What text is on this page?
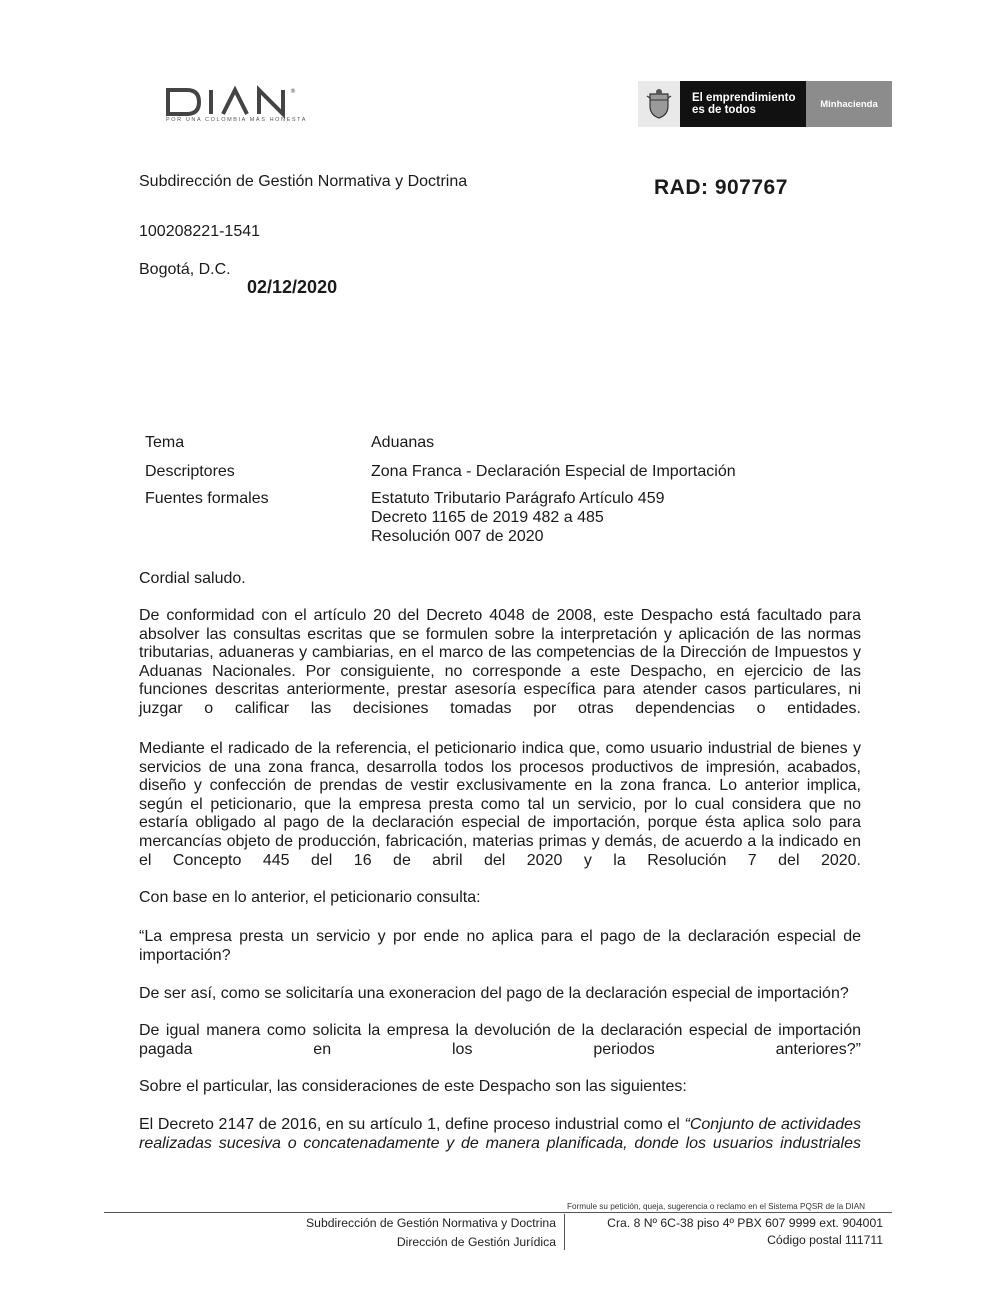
®
POR UNA COLOMBIA MÁS HONESTA
El emprendimiento
es de todos	Minhacienda
Subdirección de Gestión Normativa y Doctrina	RAD: 907767
100208221-1541
Bogotá, D.C.
02/12/2020
Tema	Aduanas
Descriptores	Zona Franca - Declaración Especial de Importación
Fuentes formales	Estatuto Tributario Parágrafo Artículo 459
Decreto 1165 de 2019 482 a 485
Resolución 007 de 2020
Cordial saludo.

De conformidad con el artículo 20 del Decreto 4048 de 2008, este Despacho está facultado para absolver las consultas escritas que se formulen sobre la interpretación y aplicación de las normas tributarias, aduaneras y cambiarias, en el marco de las competencias de la Dirección de Impuestos y Aduanas Nacionales. Por consiguiente, no corresponde a este Despacho, en ejercicio de las funciones descritas anteriormente, prestar asesoría específica para atender casos particulares, ni juzgar o calificar las decisiones tomadas por otras dependencias o entidades.

Mediante el radicado de la referencia, el peticionario indica que, como usuario industrial de bienes y servicios de una zona franca, desarrolla todos los procesos productivos de impresión, acabados, diseño y confección de prendas de vestir exclusivamente en la zona franca. Lo anterior implica, según el peticionario, que la empresa presta como tal un servicio, por lo cual considera que no estaría obligado al pago de la declaración especial de importación, porque ésta aplica solo para mercancías objeto de producción, fabricación, materias primas y demás, de acuerdo a la indicado en el Concepto 445 del 16 de abril del 2020 y la Resolución 7 del 2020.

Con base en lo anterior, el peticionario consulta:

“La empresa presta un servicio y por ende no aplica para el pago de la declaración especial de importación?

De ser así, como se solicitaría una exoneracion del pago de la declaración especial de importación?

De igual manera como solicita la empresa la devolución de la declaración especial de importación pagada en los periodos anteriores?”

Sobre el particular, las consideraciones de este Despacho son las siguientes:

El Decreto 2147 de 2016, en su artículo 1, define proceso industrial como el “Conjunto de actividades realizadas sucesiva o concatenadamente y de manera planificada, donde los usuarios industriales

Formule su petición, queja, sugerencia o reclamo en el Sistema PQSR de la DIAN
Subdirección de Gestión Normativa y Doctrina
Dirección de Gestión Jurídica
Cra. 8 Nº 6C-38 piso 4º PBX 607 9999 ext. 904001
Código postal 111711
